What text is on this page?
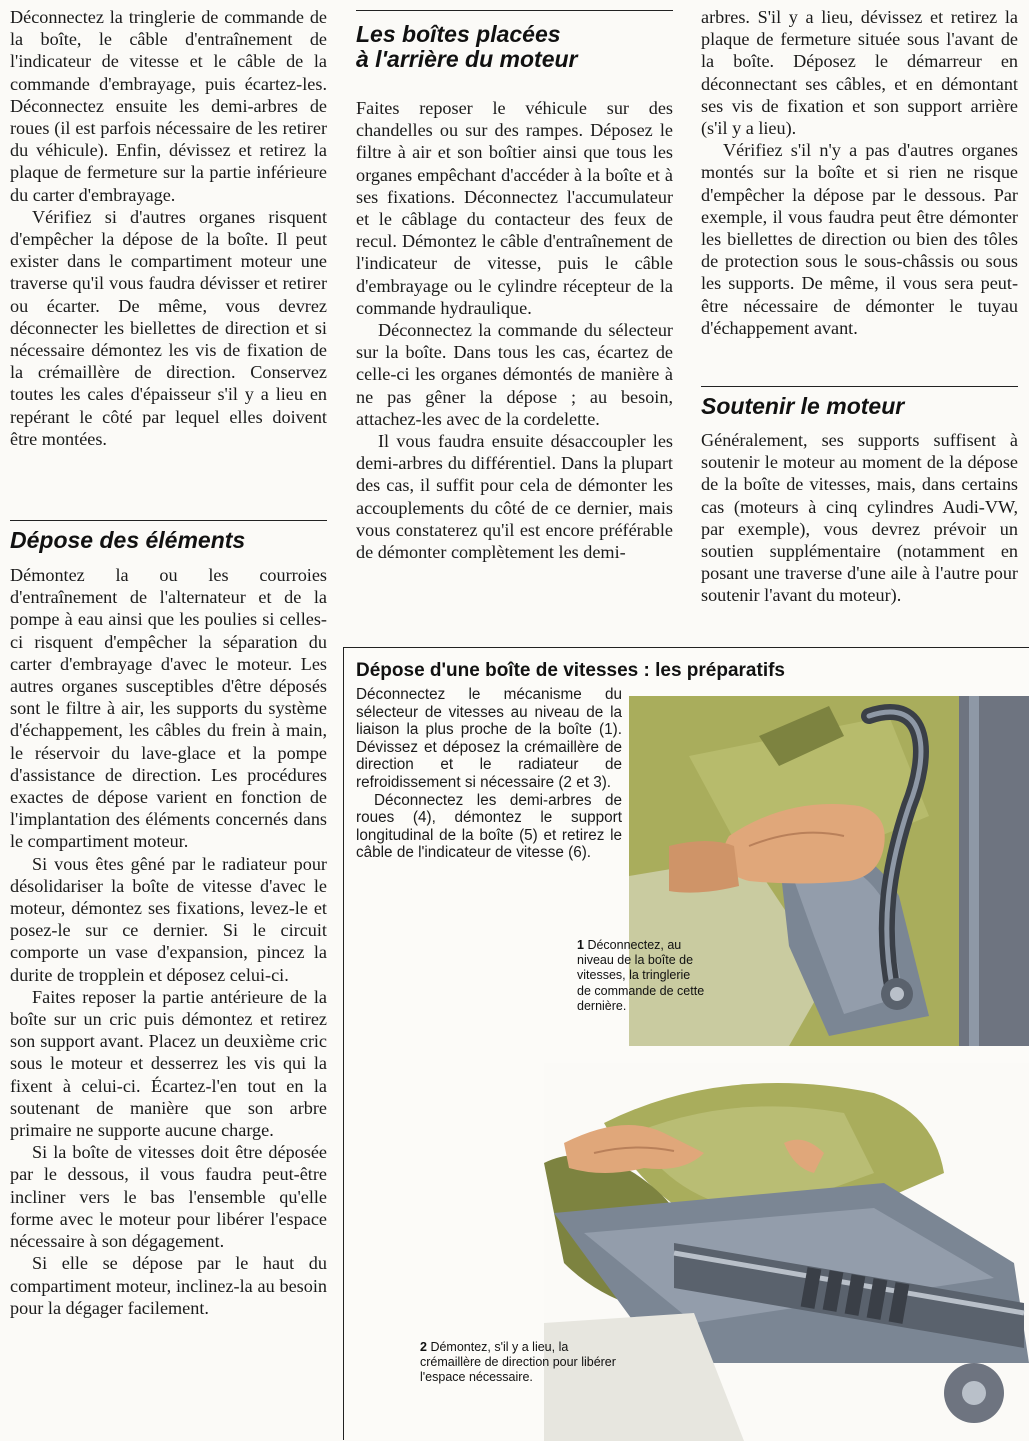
Déconnectez la tringlerie de commande de la boîte, le câble d'entraînement de l'indicateur de vitesse et le câble de la commande d'embrayage, puis écartez-les. Déconnectez ensuite les demi-arbres de roues (il est parfois nécessaire de les retirer du véhicule). Enfin, dévissez et retirez la plaque de fermeture sur la partie inférieure du carter d'embrayage.

Vérifiez si d'autres organes risquent d'empêcher la dépose de la boîte. Il peut exister dans le compartiment moteur une traverse qu'il vous faudra dévisser et retirer ou écarter. De même, vous devrez déconnecter les biellettes de direction et si nécessaire démontez les vis de fixation de la crémaillère de direction. Conservez toutes les cales d'épaisseur s'il y a lieu en repérant le côté par lequel elles doivent être montées.

Dépose des éléments

Démontez la ou les courroies d'entraînement de l'alternateur et de la pompe à eau ainsi que les poulies si celles-ci risquent d'empêcher la séparation du carter d'embrayage d'avec le moteur. Les autres organes susceptibles d'être déposés sont le filtre à air, les supports du système d'échappement, les câbles du frein à main, le réservoir du lave-glace et la pompe d'assistance de direction. Les procédures exactes de dépose varient en fonction de l'implantation des éléments concernés dans le compartiment moteur.

Si vous êtes gêné par le radiateur pour désolidariser la boîte de vitesse d'avec le moteur, démontez ses fixations, levez-le et posez-le sur ce dernier. Si le circuit comporte un vase d'expansion, pincez la durite de tropplein et déposez celui-ci.

Faites reposer la partie antérieure de la boîte sur un cric puis démontez et retirez son support avant. Placez un deuxième cric sous le moteur et desserrez les vis qui la fixent à celui-ci. Écartez-l'en tout en la soutenant de manière que son arbre primaire ne supporte aucune charge.

Si la boîte de vitesses doit être déposée par le dessous, il vous faudra peut-être incliner vers le bas l'ensemble qu'elle forme avec le moteur pour libérer l'espace nécessaire à son dégagement.

Si elle se dépose par le haut du compartiment moteur, inclinez-la au besoin pour la dégager facilement.

Les boîtes placées
à l'arrière du moteur

Faites reposer le véhicule sur des chandelles ou sur des rampes. Déposez le filtre à air et son boîtier ainsi que tous les organes empêchant d'accéder à la boîte et à ses fixations. Déconnectez l'accumulateur et le câblage du contacteur des feux de recul. Démontez le câble d'entraînement de l'indicateur de vitesse, puis le câble d'embrayage ou le cylindre récepteur de la commande hydraulique.

Déconnectez la commande du sélecteur sur la boîte. Dans tous les cas, écartez de celle-ci les organes démontés de manière à ne pas gêner la dépose ; au besoin, attachez-les avec de la cordelette.

Il vous faudra ensuite désaccoupler les demi-arbres du différentiel. Dans la plupart des cas, il suffit pour cela de démonter les accouplements du côté de ce dernier, mais vous constaterez qu'il est encore préférable de démonter complètement les demi-

arbres. S'il y a lieu, dévissez et retirez la plaque de fermeture située sous l'avant de la boîte. Déposez le démarreur en déconnectant ses câbles, et en démontant ses vis de fixation et son support arrière (s'il y a lieu).

Vérifiez s'il n'y a pas d'autres organes montés sur la boîte et si rien ne risque d'empêcher la dépose par le dessous. Par exemple, il vous faudra peut être démonter les biellettes de direction ou bien des tôles de protection sous le sous-châssis ou sous les supports. De même, il vous sera peut-être nécessaire de démonter le tuyau d'échappement avant.

Soutenir le moteur

Généralement, ses supports suffisent à soutenir le moteur au moment de la dépose de la boîte de vitesses, mais, dans certains cas (moteurs à cinq cylindres Audi-VW, par exemple), vous devrez prévoir un soutien supplémentaire (notamment en posant une traverse d'une aile à l'autre pour soutenir l'avant du moteur).

Dépose d'une boîte de vitesses : les préparatifs

Déconnectez le mécanisme du sélecteur de vitesses au niveau de la liaison la plus proche de la boîte (1). Dévissez et déposez la crémaillère de direction et le radiateur de refroidissement si nécessaire (2 et 3).

Déconnectez les demi-arbres de roues (4), démontez le support longitudinal de la boîte (5) et retirez le câble de l'indicateur de vitesse (6).

1 Déconnectez, au niveau de la boîte de vitesses, la tringlerie de commande de cette dernière.
2 Démontez, s'il y a lieu, la crémaillère de direction pour libérer l'espace nécessaire.
